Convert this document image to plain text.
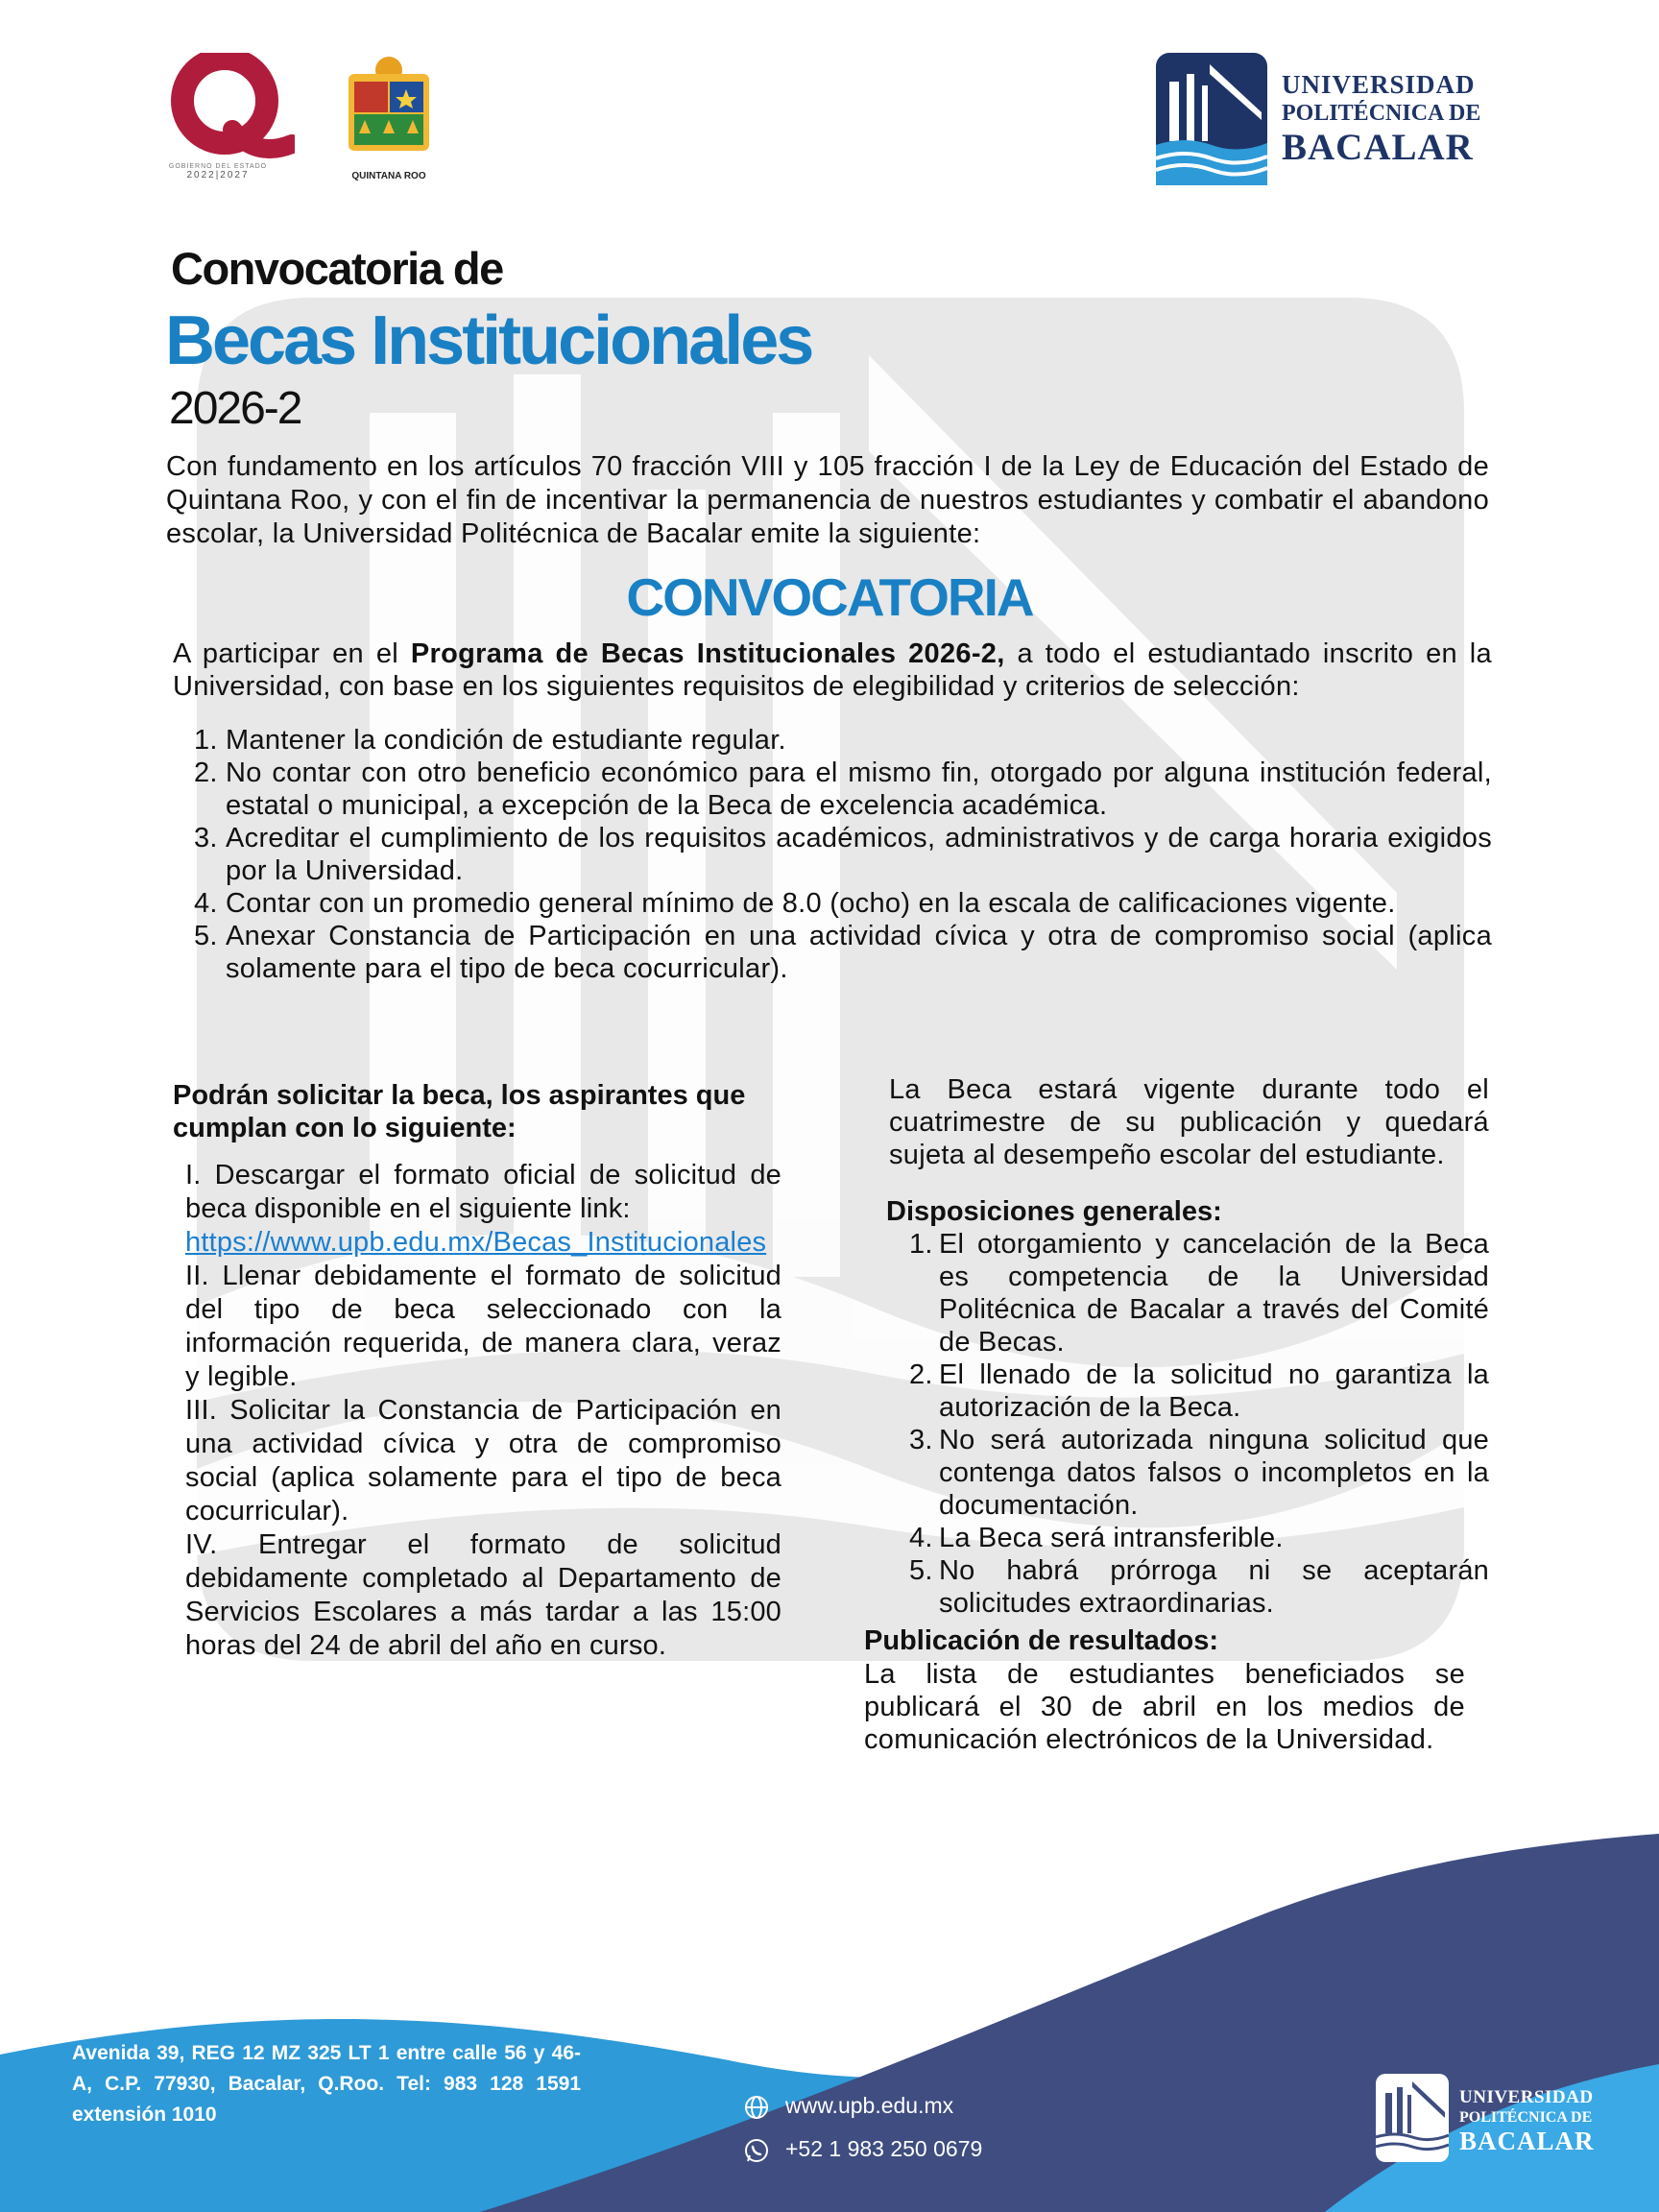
GOBIERNO DEL ESTADO
2022|2027	QUINTANA ROO
UNIVERSIDAD
POLITÉCNICA DE
BACALAR
Convocatoria de
Becas Institucionales
2026-2
Con fundamento en los artículos 70 fracción VIII y 105 fracción I de la Ley de Educación del Estado de Quintana Roo, y con el fin de incentivar la permanencia de nuestros estudiantes y combatir el abandono escolar, la Universidad Politécnica de Bacalar emite la siguiente:
CONVOCATORIA
A participar en el Programa de Becas Institucionales 2026-2, a todo el estudiantado inscrito en la Universidad, con base en los siguientes requisitos de elegibilidad y criterios de selección:
1. Mantener la condición de estudiante regular.
2. No contar con otro beneficio económico para el mismo fin, otorgado por alguna institución federal, estatal o municipal, a excepción de la Beca de excelencia académica.
3. Acreditar el cumplimiento de los requisitos académicos, administrativos y de carga horaria exigidos por la Universidad.
4. Contar con un promedio general mínimo de 8.0 (ocho) en la escala de calificaciones vigente.
5. Anexar Constancia de Participación en una actividad cívica y otra de compromiso social (aplica solamente para el tipo de beca cocurricular).
Podrán solicitar la beca, los aspirantes que cumplan con lo siguiente:

I. Descargar el formato oficial de solicitud de beca disponible en el siguiente link:

https://www.upb.edu.mx/Becas_Institucionales

II. Llenar debidamente el formato de solicitud del tipo de beca seleccionado con la información requerida, de manera clara, veraz y legible.

III. Solicitar la Constancia de Participación en una actividad cívica y otra de compromiso social (aplica solamente para el tipo de beca cocurricular).

IV. Entregar el formato de solicitud debidamente completado al Departamento de Servicios Escolares a más tardar a las 15:00 horas del 24 de abril del año en curso.

La Beca estará vigente durante todo el cuatrimestre de su publicación y quedará sujeta al desempeño escolar del estudiante.
Disposiciones generales:
1. El otorgamiento y cancelación de la Beca es competencia de la Universidad Politécnica de Bacalar a través del Comité de Becas.
2. El llenado de la solicitud no garantiza la autorización de la Beca.
3. No será autorizada ninguna solicitud que contenga datos falsos o incompletos en la documentación.
4. La Beca será intransferible.
5. No habrá prórroga ni se aceptarán solicitudes extraordinarias.
Publicación de resultados:
La lista de estudiantes beneficiados se publicará el 30 de abril en los medios de comunicación electrónicos de la Universidad.
Avenida 39, REG 12 MZ 325 LT 1 entre calle 56 y 46-A, C.P. 77930, Bacalar, Q.Roo. Tel: 983 128 1591 extensión 1010	www.upb.edu.mx
+52 1 983 250 0679
UNIVERSIDAD
POLITÉCNICA DE
BACALAR
